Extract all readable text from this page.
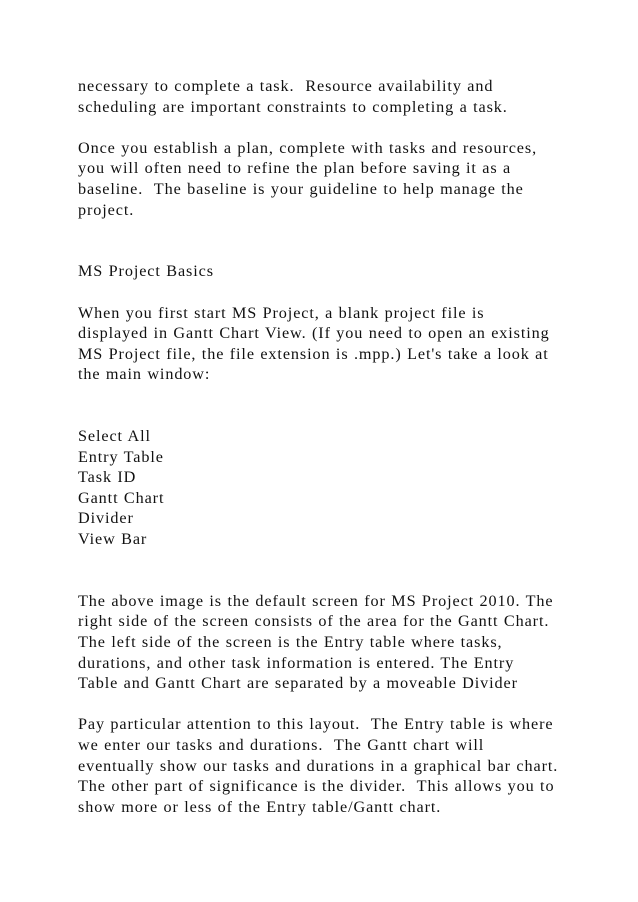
necessary to complete a task.  Resource availability and
scheduling are important constraints to completing a task.
Once you establish a plan, complete with tasks and resources,
you will often need to refine the plan before saving it as a
baseline.  The baseline is your guideline to help manage the
project.
MS Project Basics
When you first start MS Project, a blank project file is
displayed in Gantt Chart View. (If you need to open an existing
MS Project file, the file extension is .mpp.) Let's take a look at
the main window:
Select All
Entry Table
Task ID
Gantt Chart
Divider
View Bar
The above image is the default screen for MS Project 2010. The
right side of the screen consists of the area for the Gantt Chart.
The left side of the screen is the Entry table where tasks,
durations, and other task information is entered. The Entry
Table and Gantt Chart are separated by a moveable Divider
Pay particular attention to this layout.  The Entry table is where
we enter our tasks and durations.  The Gantt chart will
eventually show our tasks and durations in a graphical bar chart.
The other part of significance is the divider.  This allows you to
show more or less of the Entry table/Gantt chart.
